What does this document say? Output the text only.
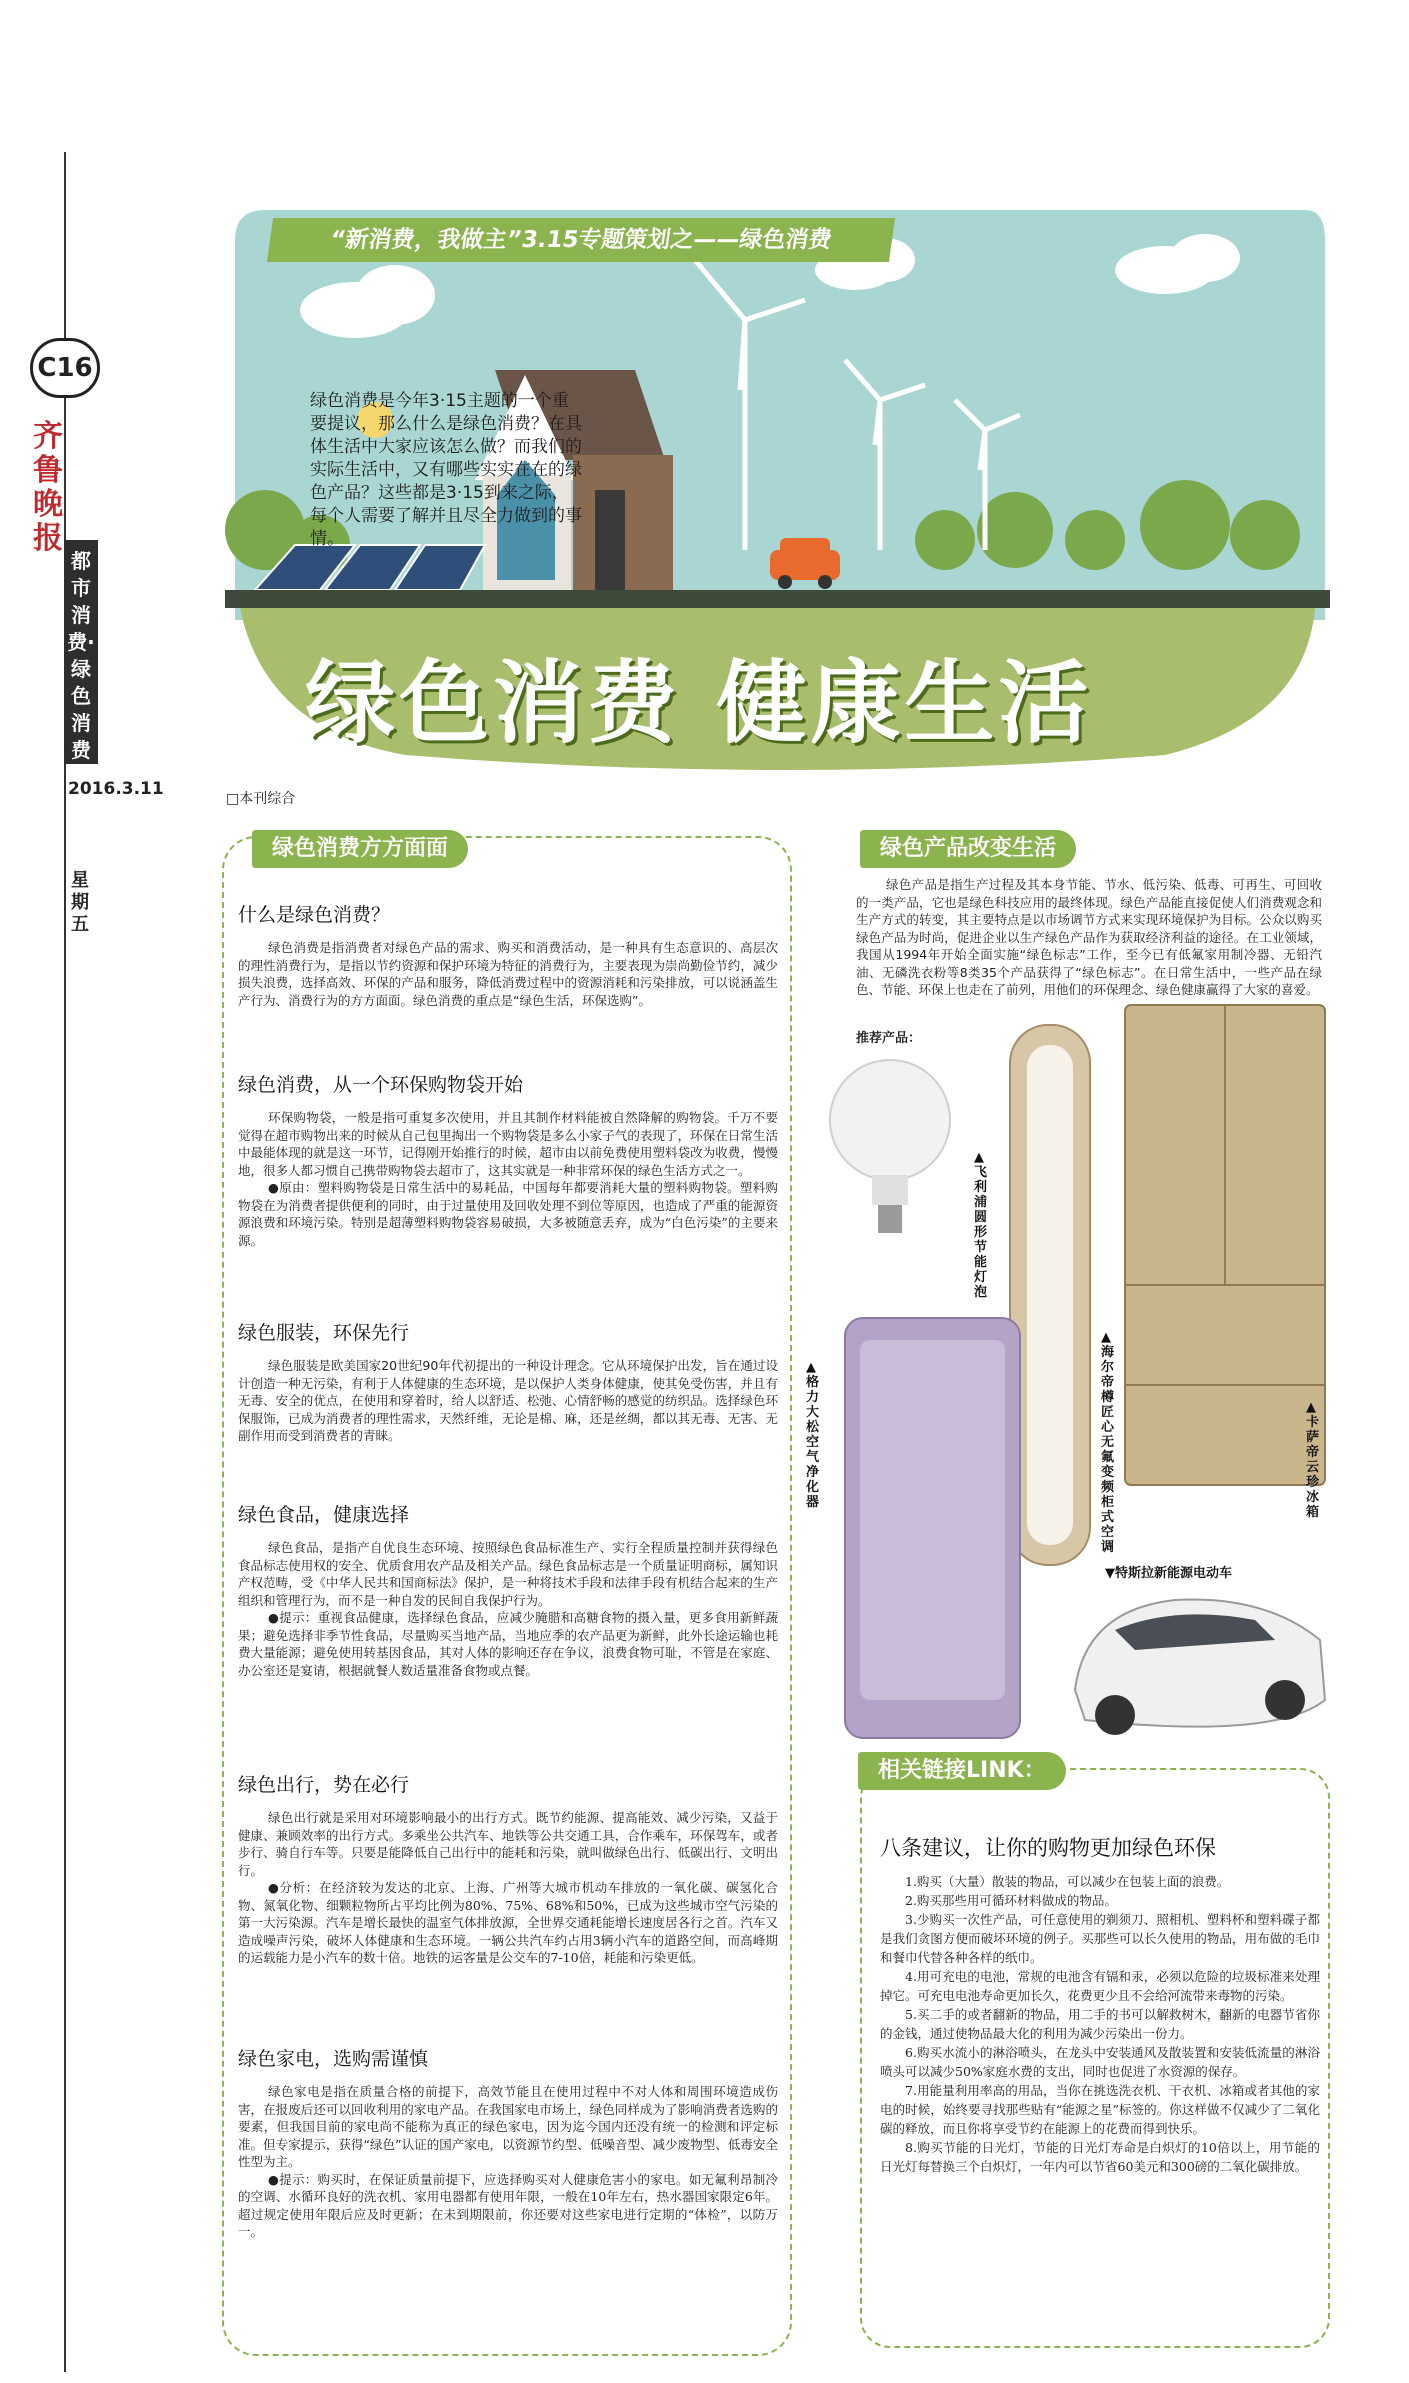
C16
齐鲁晚报
都市消费·绿色消费
2016.3.11
星期五
“新消费，我做主”3.15专题策划之——绿色消费
绿色消费是今年3·15主题的一个重要提议，那么什么是绿色消费？在具体生活中大家应该怎么做？而我们的实际生活中，又有哪些实实在在的绿色产品？这些都是3·15到来之际，每个人需要了解并且尽全力做到的事情。
绿色消费 健康生活
□本刊综合
绿色消费方方面面
什么是绿色消费？

绿色消费是指消费者对绿色产品的需求、购买和消费活动，是一种具有生态意识的、高层次的理性消费行为，是指以节约资源和保护环境为特征的消费行为，主要表现为崇尚勤俭节约，减少损失浪费，选择高效、环保的产品和服务，降低消费过程中的资源消耗和污染排放，可以说涵盖生产行为、消费行为的方方面面。绿色消费的重点是“绿色生活，环保选购”。

绿色消费，从一个环保购物袋开始

环保购物袋，一般是指可重复多次使用，并且其制作材料能被自然降解的购物袋。千万不要觉得在超市购物出来的时候从自己包里掏出一个购物袋是多么小家子气的表现了，环保在日常生活中最能体现的就是这一环节，记得刚开始推行的时候，超市由以前免费使用塑料袋改为收费，慢慢地，很多人都习惯自己携带购物袋去超市了，这其实就是一种非常环保的绿色生活方式之一。

●原由：塑料购物袋是日常生活中的易耗品，中国每年都要消耗大量的塑料购物袋。塑料购物袋在为消费者提供便利的同时，由于过量使用及回收处理不到位等原因，也造成了严重的能源资源浪费和环境污染。特别是超薄塑料购物袋容易破损，大多被随意丢弃，成为“白色污染”的主要来源。

绿色服装，环保先行

绿色服装是欧美国家20世纪90年代初提出的一种设计理念。它从环境保护出发，旨在通过设计创造一种无污染，有利于人体健康的生态环境，是以保护人类身体健康，使其免受伤害，并且有无毒、安全的优点，在使用和穿着时，给人以舒适、松弛、心情舒畅的感觉的纺织品。选择绿色环保服饰，已成为消费者的理性需求，天然纤维，无论是棉、麻，还是丝绸，都以其无毒、无害、无副作用而受到消费者的青睐。

绿色食品，健康选择

绿色食品，是指产自优良生态环境、按照绿色食品标准生产、实行全程质量控制并获得绿色食品标志使用权的安全、优质食用农产品及相关产品。绿色食品标志是一个质量证明商标，属知识产权范畴，受《中华人民共和国商标法》保护，是一种将技术手段和法律手段有机结合起来的生产组织和管理行为，而不是一种自发的民间自我保护行为。

●提示：重视食品健康，选择绿色食品，应减少腌腊和高糖食物的摄入量，更多食用新鲜蔬果；避免选择非季节性食品，尽量购买当地产品，当地应季的农产品更为新鲜，此外长途运输也耗费大量能源；避免使用转基因食品，其对人体的影响还存在争议，浪费食物可耻，不管是在家庭、办公室还是宴请，根据就餐人数适量准备食物或点餐。

绿色出行，势在必行

绿色出行就是采用对环境影响最小的出行方式。既节约能源、提高能效、减少污染，又益于健康、兼顾效率的出行方式。多乘坐公共汽车、地铁等公共交通工具，合作乘车，环保驾车，或者步行、骑自行车等。只要是能降低自己出行中的能耗和污染，就叫做绿色出行、低碳出行、文明出行。

●分析：在经济较为发达的北京、上海、广州等大城市机动车排放的一氧化碳、碳氢化合物、氮氧化物、细颗粒物所占平均比例为80%、75%、68%和50%，已成为这些城市空气污染的第一大污染源。汽车是增长最快的温室气体排放源，全世界交通耗能增长速度居各行之首。汽车又造成噪声污染，破坏人体健康和生态环境。一辆公共汽车约占用3辆小汽车的道路空间，而高峰期的运载能力是小汽车的数十倍。地铁的运客量是公交车的7-10倍，耗能和污染更低。

绿色家电，选购需谨慎

绿色家电是指在质量合格的前提下，高效节能且在使用过程中不对人体和周围环境造成伤害，在报废后还可以回收利用的家电产品。在我国家电市场上，绿色同样成为了影响消费者选购的要素，但我国目前的家电尚不能称为真正的绿色家电，因为迄今国内还没有统一的检测和评定标准。但专家提示，获得“绿色”认证的国产家电，以资源节约型、低噪音型、减少废物型、低毒安全性型为主。

●提示：购买时，在保证质量前提下，应选择购买对人健康危害小的家电。如无氟利昂制冷的空调、水循环良好的洗衣机、家用电器都有使用年限，一般在10年左右，热水器国家限定6年。超过规定使用年限后应及时更新；在未到期限前，你还要对这些家电进行定期的“体检”，以防万一。

绿色产品改变生活
绿色产品是指生产过程及其本身节能、节水、低污染、低毒、可再生、可回收的一类产品，它也是绿色科技应用的最终体现。绿色产品能直接促使人们消费观念和生产方式的转变，其主要特点是以市场调节方式来实现环境保护为目标。公众以购买绿色产品为时尚，促进企业以生产绿色产品作为获取经济利益的途径。在工业领域，我国从1994年开始全面实施“绿色标志”工作，至今已有低氟家用制冷器、无铅汽油、无磷洗衣粉等8类35个产品获得了“绿色标志”。在日常生活中，一些产品在绿色、节能、环保上也走在了前列，用他们的环保理念、绿色健康赢得了大家的喜爱。
推荐产品：
▲飞利浦圆形节能灯泡
▲海尔帝樽匠心无氟变频柜式空调
▲卡萨帝云珍冰箱
▲格力大松空气净化器
▼特斯拉新能源电动车
相关链接LINK：
八条建议，让你的购物更加绿色环保

1.购买（大量）散装的物品，可以减少在包装上面的浪费。

2.购买那些用可循环材料做成的物品。

3.少购买一次性产品，可任意使用的剃须刀、照相机、塑料杯和塑料碟子都是我们贪图方便而破坏环境的例子。买那些可以长久使用的物品，用布做的毛巾和餐巾代替各种各样的纸巾。

4.用可充电的电池，常规的电池含有镉和汞，必须以危险的垃圾标准来处理掉它。可充电电池寿命更加长久，花费更少且不会给河流带来毒物的污染。

5.买二手的或者翻新的物品，用二手的书可以解救树木，翻新的电器节省你的金钱，通过使物品最大化的利用为减少污染出一份力。

6.购买水流小的淋浴喷头，在龙头中安装通风及散装置和安装低流量的淋浴喷头可以减少50%家庭水费的支出，同时也促进了水资源的保存。

7.用能量利用率高的用品，当你在挑选洗衣机、干衣机、冰箱或者其他的家电的时候，始终要寻找那些贴有“能源之星”标签的。你这样做不仅减少了二氧化碳的释放，而且你将享受节约在能源上的花费而得到快乐。

8.购买节能的日光灯，节能的日光灯寿命是白炽灯的10倍以上，用节能的日光灯每替换三个白炽灯，一年内可以节省60美元和300磅的二氧化碳排放。
